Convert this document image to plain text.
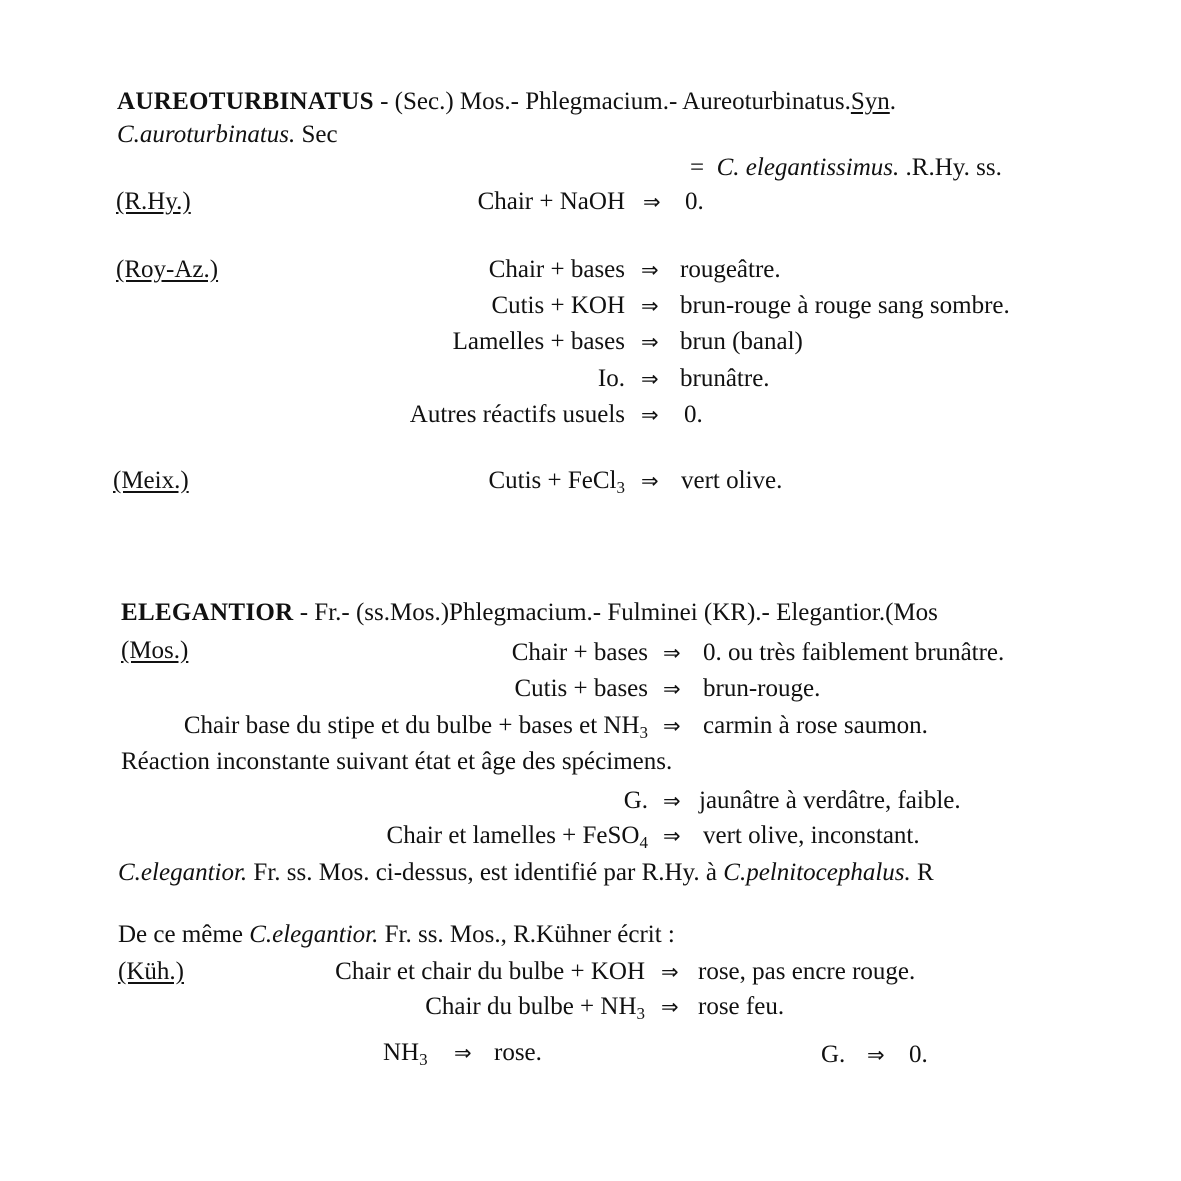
AUREOTURBINATUS - (Sec.) Mos.- Phlegmacium.- Aureoturbinatus.Syn.
C.auroturbinatus. Sec
= C. elegantissimus. .R.Hy. ss.
(R.Hy.)	Chair + NaOH ⇒ 0.
(Roy-Az.)	Chair + bases ⇒ rougeâtre.
Cutis + KOH ⇒ brun-rouge à rouge sang sombre.
Lamelles + bases ⇒ brun (banal)
Io. ⇒ brunâtre.
Autres réactifs usuels ⇒ 0.
(Meix.)	Cutis + FeCl$_3$ ⇒ vert olive.
ELEGANTIOR - Fr.- (ss.Mos.)Phlegmacium.- Fulminei (KR).- Elegantior.(Mos
(Mos.)	Chair + bases ⇒ 0. ou très faiblement brunâtre.
Cutis + bases ⇒ brun-rouge.
Chair base du stipe et du bulbe + bases et $NH_3$ ⇒ carmin à rose saumon.
Réaction inconstante suivant état et âge des spécimens.
G. ⇒ jaunâtre à verdâtre, faible.
Chair et lamelles + FeSO$_4$ ⇒ vert olive, inconstant.
C.elegantior. Fr. ss. Mos. ci-dessus, est identifié par R.Hy. à C.pelnitocephalus. R
De ce même C.elegantior. Fr. ss. Mos., R.Kühner écrit :
(Küh.)	Chair et chair du bulbe + KOH ⇒ rose, pas encre rouge.
Chair du bulbe + $NH_3$ ⇒ rose feu.
$NH_3$ ⇒ rose.	G. ⇒ 0.
